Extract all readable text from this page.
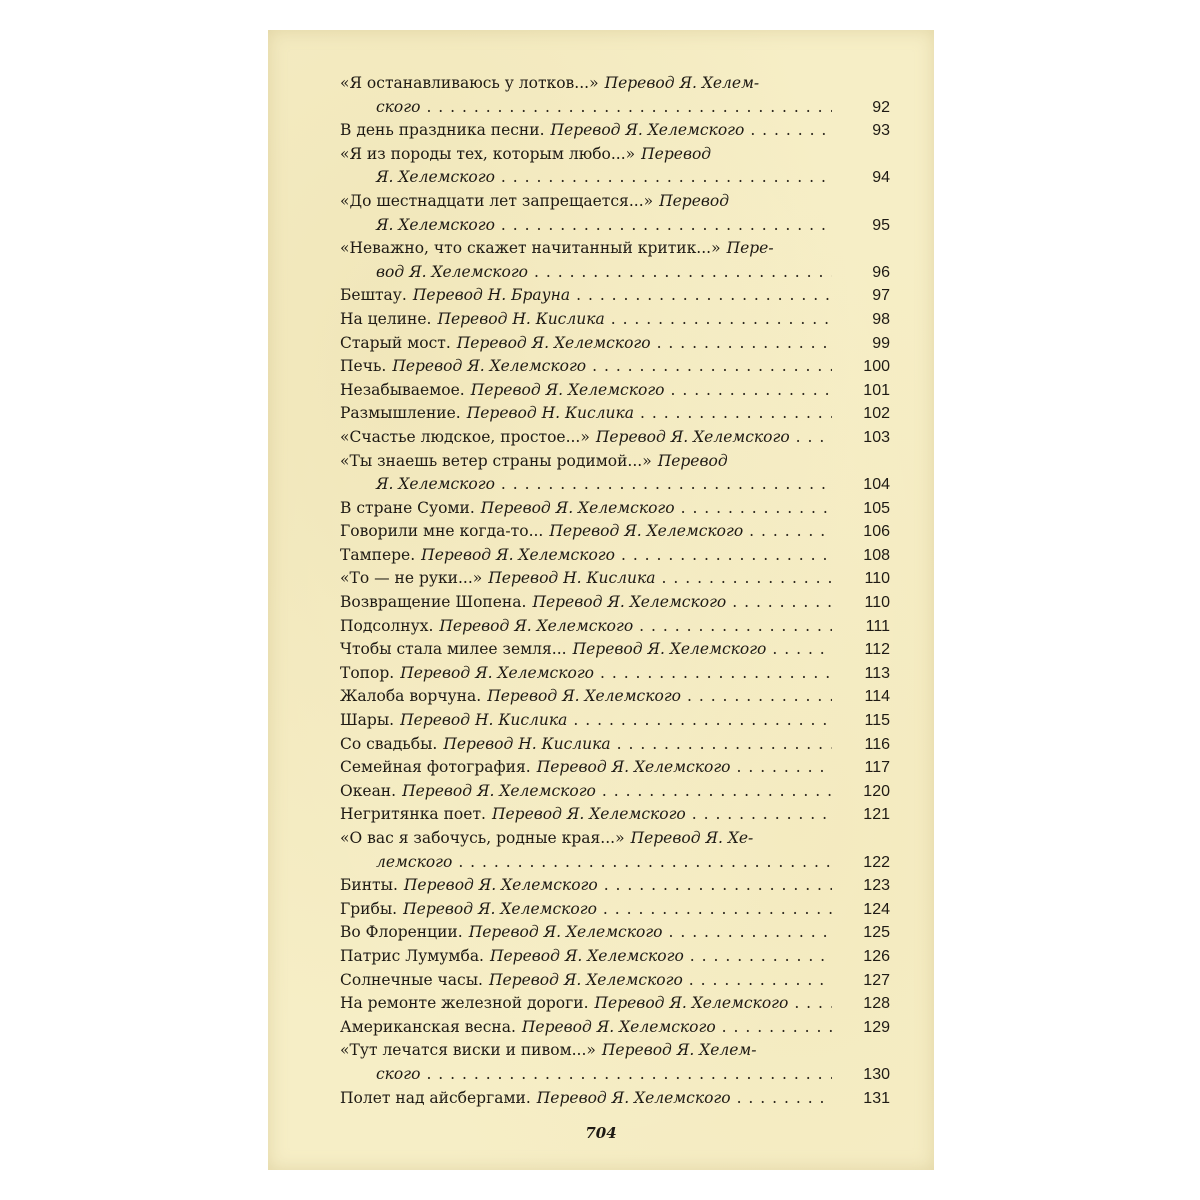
«Я останавливаюсь у лотков...» Перевод Я. Хелем-
ского . . .	92
В день праздника песни. Перевод Я. Хелемского . . .	93
«Я из породы тех, которым любо...» Перевод
Я. Хелемского . . .	94
«До шестнадцати лет запрещается...» Перевод
Я. Хелемского . . .	95
«Неважно, что скажет начитанный критик...» Пере-
вод Я. Хелемского . . .	96
Бештау. Перевод Н. Брауна . . .	97
На целине. Перевод Н. Кислика . . .	98
Старый мост. Перевод Я. Хелемского . . .	99
Печь. Перевод Я. Хелемского . . .	100
Незабываемое. Перевод Я. Хелемского . . .	101
Размышление. Перевод Н. Кислика . . .	102
«Счастье людское, простое...» Перевод Я. Хелемского . . .	103
«Ты знаешь ветер страны родимой...» Перевод
Я. Хелемского . . .	104
В стране Суоми. Перевод Я. Хелемского . . .	105
Говорили мне когда-то... Перевод Я. Хелемского . . .	106
Тампере. Перевод Я. Хелемского . . .	108
«То — не руки...» Перевод Н. Кислика . . .	110
Возвращение Шопена. Перевод Я. Хелемского . . .	110
Подсолнух. Перевод Я. Хелемского . . .	111
Чтобы стала милее земля... Перевод Я. Хелемского . . .	112
Топор. Перевод Я. Хелемского . . .	113
Жалоба ворчуна. Перевод Я. Хелемского . . .	114
Шары. Перевод Н. Кислика . . .	115
Со свадьбы. Перевод Н. Кислика . . .	116
Семейная фотография. Перевод Я. Хелемского . . .	117
Океан. Перевод Я. Хелемского . . .	120
Негритянка поет. Перевод Я. Хелемского . . .	121
«О вас я забочусь, родные края...» Перевод Я. Хе-
лемского . . .	122
Бинты. Перевод Я. Хелемского . . .	123
Грибы. Перевод Я. Хелемского . . .	124
Во Флоренции. Перевод Я. Хелемского . . .	125
Патрис Лумумба. Перевод Я. Хелемского . . .	126
Солнечные часы. Перевод Я. Хелемского . . .	127
На ремонте железной дороги. Перевод Я. Хелемского . . .	128
Американская весна. Перевод Я. Хелемского . . .	129
«Тут лечатся виски и пивом...» Перевод Я. Хелем-
ского . . .	130
Полет над айсбергами. Перевод Я. Хелемского . . .	131
704
